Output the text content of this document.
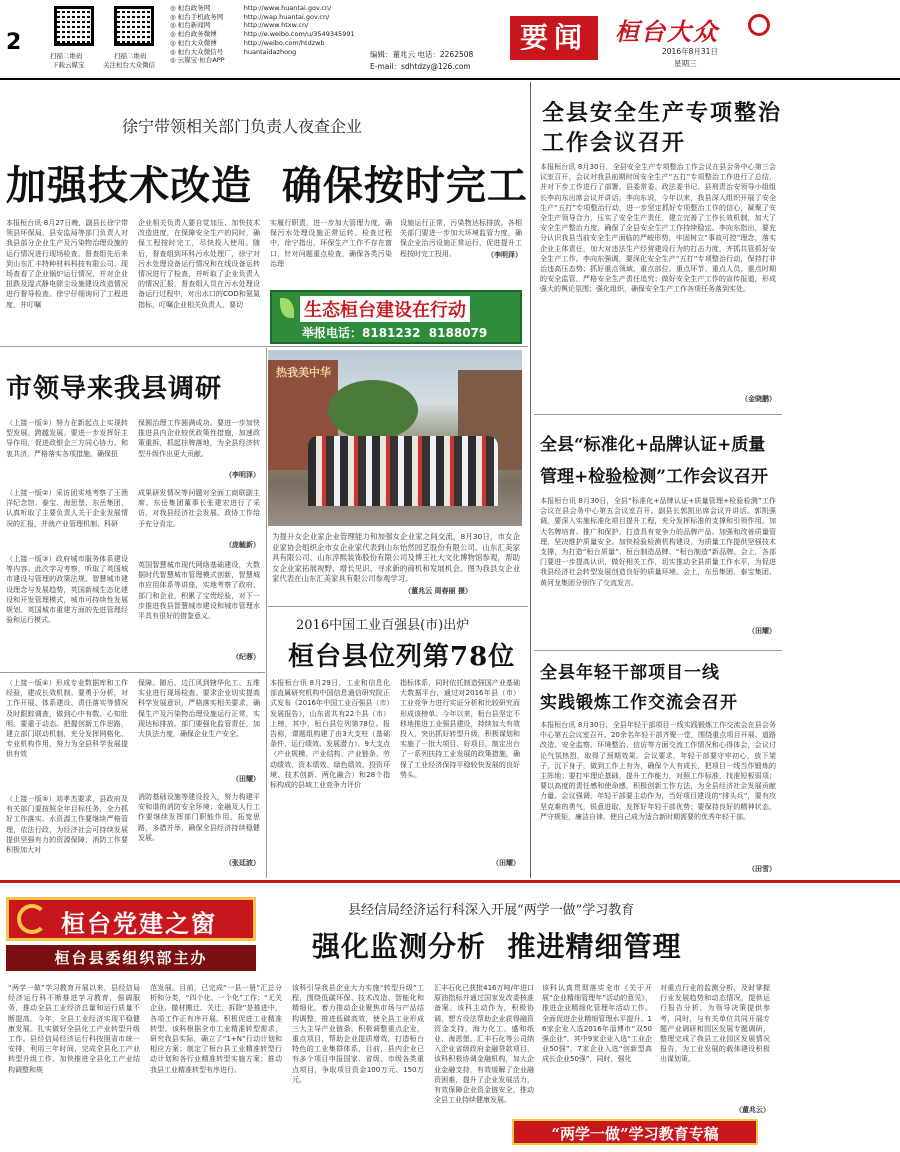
2
扫描二维码
下载云媒宝
扫描二维码
关注桓台大众微信
◎ 桓台政务网	http://www.huantai.gov.cn/
◎ 桓台手机政务网	http://wap.huantai.gov.cn/
◎ 桓台新闻网	http://www.htxw.cn/
◎ 桓台政务微博	http://e.weibo.com/u/3549345991
◎ 桓台大众微博	http://weibo.com/htdzwb
◎ 桓台大众微信号	huantaidazhong
◎ 云媒宝·桓台APP
编辑：董兆云 电话：2262508
E-mail：sdhtdzy@126.com
要闻	桓台大众
2016年8月31日
星期三
徐宁带领相关部门负责人夜查企业
加强技术改造  确保按时完工
本报桓台讯 8月27日晚，副县长徐宁带领县环保局、县安监局等部门负责人对我县部分企业生产及污染物治理设施的运行情况进行现场检查。督查组先后来到山东汇丰特种材料科技有限公司、现场查看了企业锅炉运行情况，并对企业扭跌及湿式静电除尘设施建设改造情况进行督导检查。徐宁仔细询问了工程进度，并叮嘱
企业相关负责人要自觉加压、加快技术改造进度，在保障安全生产的同时，确保工程按时完工，尽快投入使用。随后，督查组到环科污水处理厂，徐宁对污水处理设备运行情况和在线设备运转情况进行了检查，并听取了企业负责人的情况汇报，督查组人员在污水处理设备运行过程中，对出水口的COD和氨氮指标，叮嘱企业相关负责人，要切
实履行职责，进一步加大管理力度，确保污水处理设施正常运转。检查过程中，徐宁指出，环保生产工作不存在窗口，针对问题重点检查，确保各类污染治理
设施运行正常，污染物达标排放。各相关部门要进一步加大环境监管力度，确保企业治污设施正常运行，促进提升工程按时完工投用。	（李明泽）
生态桓台建设在行动
举报电话：8181232  8188079
市领导来我县调研
（上接一版①）努力在新起点上实现转型发展、跨越发展。要进一步发挥好主导作用，促进政银企三方同心协力、和衷共济，严格落实各项措施，确保扭
（上接一版②）采访团实地考察了王渔洋纪念馆、泰宝、海思堡、东岳集团，认真听取了主要负责人关于企业发展情况的汇报，并就产业管理机制、科研
（上接一版③）政府城市服务体系建设等内容。此次学习考察，听取了英国城市建设与管理的政策法规、智慧城市建设理念与发展趋势，英国新城生态化建设和开发管理模式，城市可持续性发展规划、英国城市重建方面的先进管理经验和运行模式。
保圆治理工作圆满成功。要进一步加快推进县内企业较优政策性措施，加速政策重拆，抓起挂牌落地，为全县经济转型升级作出更大贡献。
（李明泽）
成果研发情况等问题对全面工商联副主席、东岳集团董事长张建宏进行了采访，对我县经济社会发展、政协工作给予充分肯定。
（庞毓新）
英国智慧城市现代网络基础建设，大数据时代智慧城市管理模式创新，智慧城市应用体系等讲座，实地考察了政府、部门和企业，积累了宝贵经验，对下一步推进我县智慧城市建设和城市管理水平具有很好的借鉴意义。
（纪蓉）
（上接一版④）形成专业数据库和工作经验，建成长效机制。要勇于分析，对工作开展、体系建设、责任落实等情况及时跟踪调查，做到心中有数、心知肚明。要重于动态。把握创新工作思路，建立部门联动机制，充分发挥网格化、专业机构作用，努力为全县科学发展提供有效
（上接一版⑤）刘孝杰要求，县政府及有关部门要按照全年目标任务，全力抓好工作落实。水资源工作要继续严格管理，依法行政，为经济社会可持续发展提供坚强有力的资源保障；消防工作要积极加大对
保障。随后，边江风到辖华化工、五维实业进行现场检查。要求企业切实提高科学发展意识，严格落实相关要求，确保生产及污染物治理设施运行正常，实现达标排放。部门要强化监管责任，加大执法力度，确保企业生产安全。
（田耀）
消防基础设施等建设投入，努力构建平安和谐的消防安全环境；金融及人行工作要继续发挥部门职能作用，拓宽思路，多措并举，确保全县经济持续稳健发展。
（张廷波）
热我美中华
为提升女企业家企业管理能力和加强女企业家之间交流，8月30日，市女企业家协会组织企市女企业家代表到山东怡然园艺股份有限公司、山东汇美家具有限公司、山东淳熙装饰股份有限公司及博王社大文化博物馆参观，帮助女企业家拓展视野、增长见识、寻求新的商机和发展机会。图为我县女企业家代表在山东汇美家具有限公司参观学习。
（董兆云 周春丽 摄）
2016中国工业百强县(市)出炉
桓台县位列第78位
本报桓台讯 8月29日，工业和信息化部直属研究机构中国信息通信研究院正式发布《2016年中国工业百强县（市）发展报告》，山东省共有22个县（市）上榜，其中，桓台县位列第78位。报告称，课题组构建了由3大支柱（基础条件、运行绩效、发展潜力）、9大支点（产业规模、产业结构、产业链条、劳动绩效、资本绩效、绿色绩效、投资环境、技术创新、两化融合）和28个指标构成的县域工业竞争力评价
指标体系，同时依托制造强国产业基础大数据平台，通过对2016年县（市）工业竞争力进行实证分析和比较研究而形成该榜单。今年以来，桓台县坚定不移地推进工业强县建设，持续加大有效投入，突出抓好转型升级，积极谋划和实施了一批大项目、好项目，制定出台了一系列扶持工业发展的政策措施，确保了工业经济保持平稳较快发展的良好势头。
（田耀）
全县安全生产专项整治工作会议召开
本报桓台讯 8月30日，全县安全生产专项整治工作会议在县会务中心第三会议室召开，会议对我县前期时间安全生产“五打”专项整治工作进行了总结，并对下步工作进行了部署。县委常委、政法委书记、县刑责治安领导小组组长李向东出席会议并讲话。李向东说，今年以来，我县深入组织开展了安全生产“五打”专项整治行动，进一步坚定抓好专项整治工作的信心，凝聚了安全生产领导合力，压实了安全生产责任，建立完善了工作长效机制，加大了安全生产整治力度，确保了全县安全生产工作持续稳定。李向东指出，要充分认识我县当前安全生产面临的严峻形势，牢固树立“事故可控”理念，落实企业主体责任，加大对违法生产经营建设行为的打击力度，齐抓共管抓好安全生产工作。李向东强调，要深化安全生产“五打”专项整治行动，保持打非治违高压态势；抓好重点领域、重点部位、重点环节、重点人员、重点时期的安全监管，严格安全生产责任追究；做好安全生产工作的宣传报道，形成强大的舆论氛围；强化组织，确保安全生产工作各项任务落到实处。
（金晓鹏）
全县“标准化+品牌认证+质量
管理+检验检测”工作会议召开
本报桓台讯 8月30日，全县“标准化+品牌认证+质量管理+检验检测”工作会议在县会务中心第五会议室召开。副县长郭凯出席会议并讲话。郭凯强调，要深入实施标准化项目提升工程，充分发挥标准的支撑和引领作用。加大名牌培育、推广和保护，打造具有竞争力的品牌产品。加强和改善质量管理，坚决维护质量安全。加快检验检测机构建设，为质量工作提供坚强技术支撑，为打造“桓台质量”、桓台制造品牌、“桓台制造”新品牌。会上，各部门要进一步提高认识，做好相关工作，切实推动全县质量工作水平，为促进我县经济社会转型发展创造良好的质量环境。会上，东岳集团、泰宝集团、黄河龙集团分别作了交流发言。
（田耀）
全县年轻干部项目一线
实践锻炼工作交流会召开
本报桓台讯 8月30日，全县年轻干部项目一线实践锻炼工作交流会在县会务中心第五会议室召开。20余名年轻干部齐聚一堂，围绕重点项目开展、道路改造、安全监察、环境整治、信访等方面交流工作情况和心得体会，会议讨论气氛热烈，取得了预期效果。会议要求，年轻干部要守牢初心，放下架子，沉下身子，做到工作上有为，确保个人有成长，把项目一线当作锻炼的主阵地；要打牢理论基础，提升工作能力，对照工作标准，找准短板弱项；要以高度的责任感和使命感，积极创新工作方法，为全县经济社会发展贡献力量。会议强调，年轻干部要主动作为，当好项目建设的“排头兵”，要有攻坚克难的勇气，锐意进取，发挥好年轻干部优势；要保持良好的精神状态，严守规矩，廉洁自律，使自己成为适合新时期需要的优秀年轻干部。
（田雪）
桓台党建之窗
桓台县委组织部主办
县经信局经济运行科深入开展“两学一做”学习教育
强化监测分析  推进精细管理
“两学一做”学习教育开展以来，县经信局经济运行科不断推进学习教育，强调服务，推动全县工业经济总量和运行质量不断提高。今年，全县工业经济实现平稳健康发展。扎实做好全县化工产业转型升级工作。县经信局经济运行科按照省市统一安排，利用三年时间，完成全县化工产业转型升级工作，加快推进全县化工产业结构调整和规
范发展。目前，已完成“一县一册”汇总分析和分类，“四个化、一个化”工作；“无关企业、撤材搬迁、关迁、拆除”是推进中，各项工作正有序开展。积极促进工业精准转型。该科根据全市工业精准转型需求，研究我县实际，确立了“1+N”行动计划和相应方案；制定了桓台县工业精准转型行动计划和各行业精准转型实施方案；推动我县工业精准转型有序进行。
该科引导我县企业大力实施“转型升级”工程，围绕低碳环保、技术改造、智能化和精细化，着力推动企业聚焦市场与产品结构调整，推进低碳高效，使全县工业形成三大主导产业链条，积极调整重点企业，重点项目，帮助企业提质增效，打造桓台特色的工业集群体系，目前，县内企业已有多个项目申报国家、省级、市级各类重点项目，争取项目资金100万元、150万元。
汇丰石化已获批416万吨/年进口原油指标并通过国家发改委核准备案。该科主动作为，积极协调，想方设法帮助企业获得融资资金支持，海力化工、盛和纸业、海恩堡、汇丰石化等公司纳入企业省级政府金融贷款项目，该科积极协调金融机构，加大企业金融支持，有效缓解了企业融资困难，提升了企业发展活力，有效保障企业资金链安全，推动全县工业持续健康发展。
该科认真贯彻落实全市《关于开展“企业精细管理年”活动的意见》，推进企业精细化管理年活动工作。全面促进企业精细管理水平提升。16家企业入选2016年淄博市“双50强企业”，其中9家企业入选“工业企业50强”，7家企业入选“创新型高成长企业50强”，同时，强化
对重点行业的监测分析，及时掌握行业发展趋势和动态情况，提供运行报告分析，为领导决策提供参考，同时，与有关单位共同开展专题产业调研和园区发展专题调研，整理完成了我县工业园区发展情况报告，为工业发展的载体建设积极出谋划策。
（董兆云）
“两学一做”学习教育专稿
